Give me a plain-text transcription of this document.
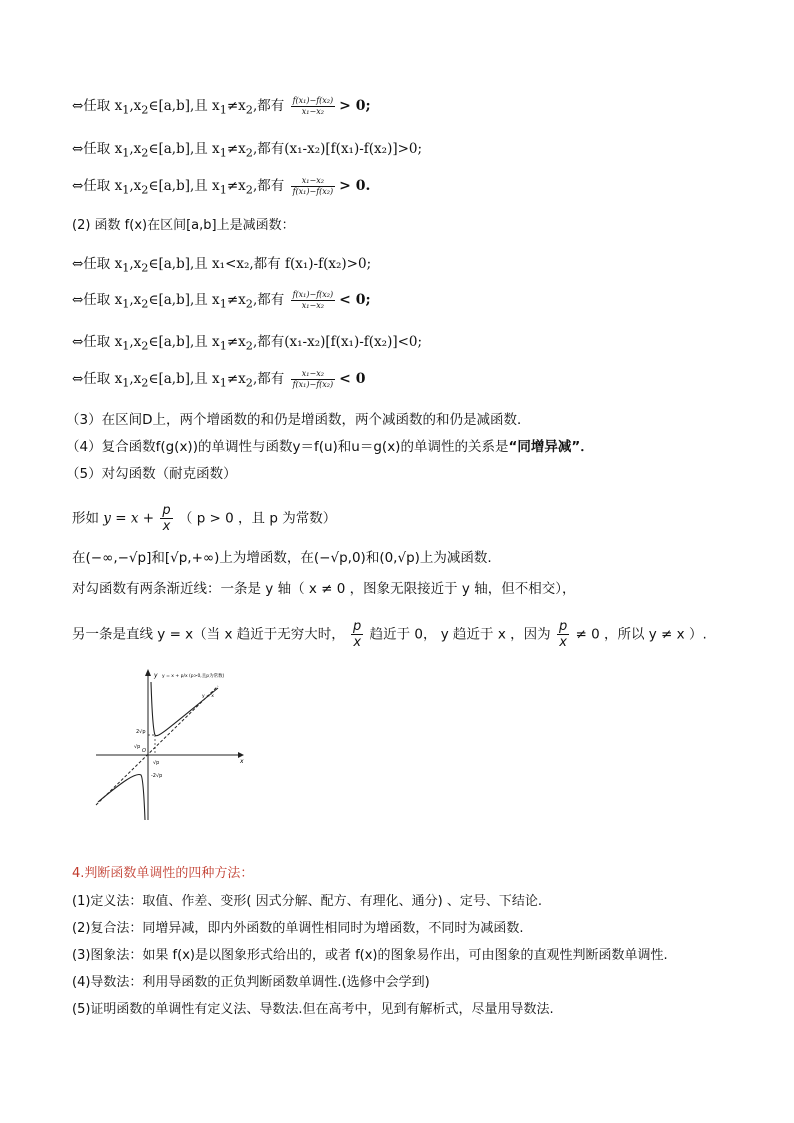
⇔任取 $x_1,x_2\in[a,b]$,且 $x_1\ne x_2$,都有 $\frac{\text{f(x₁)−f(x₂)}}{\text{x₁−x₂}} > 0$;
⇔任取 $x_1,x_2\in[a,b]$,且 $x_1\ne x_2$,都有(x₁-x₂)[f(x₁)-f(x₂)]>0;
⇔任取 $x_1,x_2\in[a,b]$,且 $x_1\ne x_2$,都有 $\frac{\text{x₁−x₂}}{\text{f(x₁)−f(x₂)}} > 0$.
(2) 函数 f(x)在区间[a,b]上是减函数：
⇔任取 $x_1,x_2\in[a,b]$,且 x₁<x₂,都有 f(x₁)-f(x₂)>0;
⇔任取 $x_1,x_2\in[a,b]$,且 $x_1\ne x_2$,都有 $\frac{\text{f(x₁)−f(x₂)}}{\text{x₁−x₂}} < 0$;
⇔任取 $x_1,x_2\in[a,b]$,且 $x_1\ne x_2$,都有(x₁-x₂)[f(x₁)-f(x₂)]<0;
⇔任取 $x_1,x_2\in[a,b]$,且 $x_1\ne x_2$,都有 $\frac{\text{x₁−x₂}}{\text{f(x₁)−f(x₂)}} < 0$
（3）在区间D上，两个增函数的和仍是增函数，两个减函数的和仍是减函数．
（4）复合函数f(g(x))的单调性与函数y＝f(u)和u＝g(x)的单调性的关系是“同增异减”．
（5）对勾函数（耐克函数）
形如 $y = x + \frac{p}{x}$ （ p > 0 ，且 p 为常数）
在(−∞,−√p]和[√p,+∞)上为增函数，在(−√p,0)和(0,√p)上为减函数.
对勾函数有两条渐近线：一条是 y 轴（ x ≠ 0 ，图象无限接近于 y 轴，但不相交），
另一条是直线 y = x（当 x 趋近于无穷大时， $\frac{p}{x}$ 趋近于 0， y 趋近于 x ，因为 $\frac{p}{x} \ne 0$ ，所以 y ≠ x ）.
y y = x + p/x (p>0,且p为常数)
y = x
2√p
√p
O
√p
-2√p
x
4.判断函数单调性的四种方法：
(1)定义法：取值、作差、变形( 因式分解、配方、有理化、通分) 、定号、下结论.
(2)复合法：同增异减，即内外函数的单调性相同时为增函数，不同时为减函数.
(3)图象法：如果 f(x)是以图象形式给出的，或者 f(x)的图象易作出，可由图象的直观性判断函数单调性.
(4)导数法：利用导函数的正负判断函数单调性.(选修中会学到)
(5)证明函数的单调性有定义法、导数法.但在高考中，见到有解析式，尽量用导数法.
